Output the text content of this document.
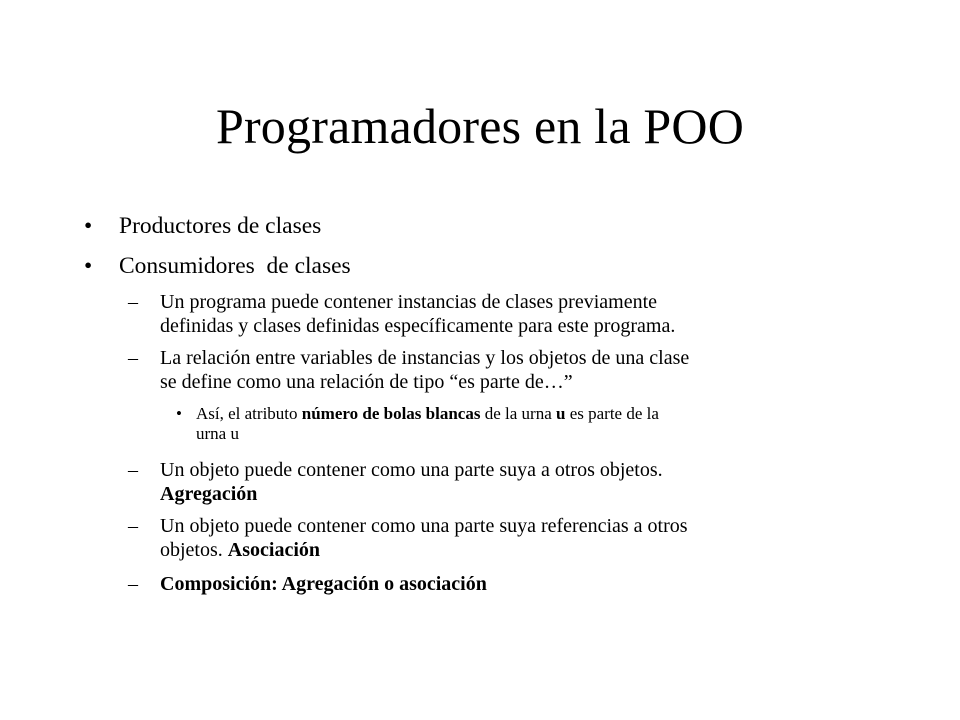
Programadores en la POO
• Productores de clases
• Consumidores  de clases
– Un programa puede contener instancias de clases previamente
definidas y clases definidas específicamente para este programa.
– La relación entre variables de instancias y los objetos de una clase
se define como una relación de tipo “es parte de…”
• Así, el atributo número de bolas blancas de la urna u es parte de la
urna u
– Un objeto puede contener como una parte suya a otros objetos.
Agregación
– Un objeto puede contener como una parte suya referencias a otros
objetos. Asociación
– Composición: Agregación o asociación
